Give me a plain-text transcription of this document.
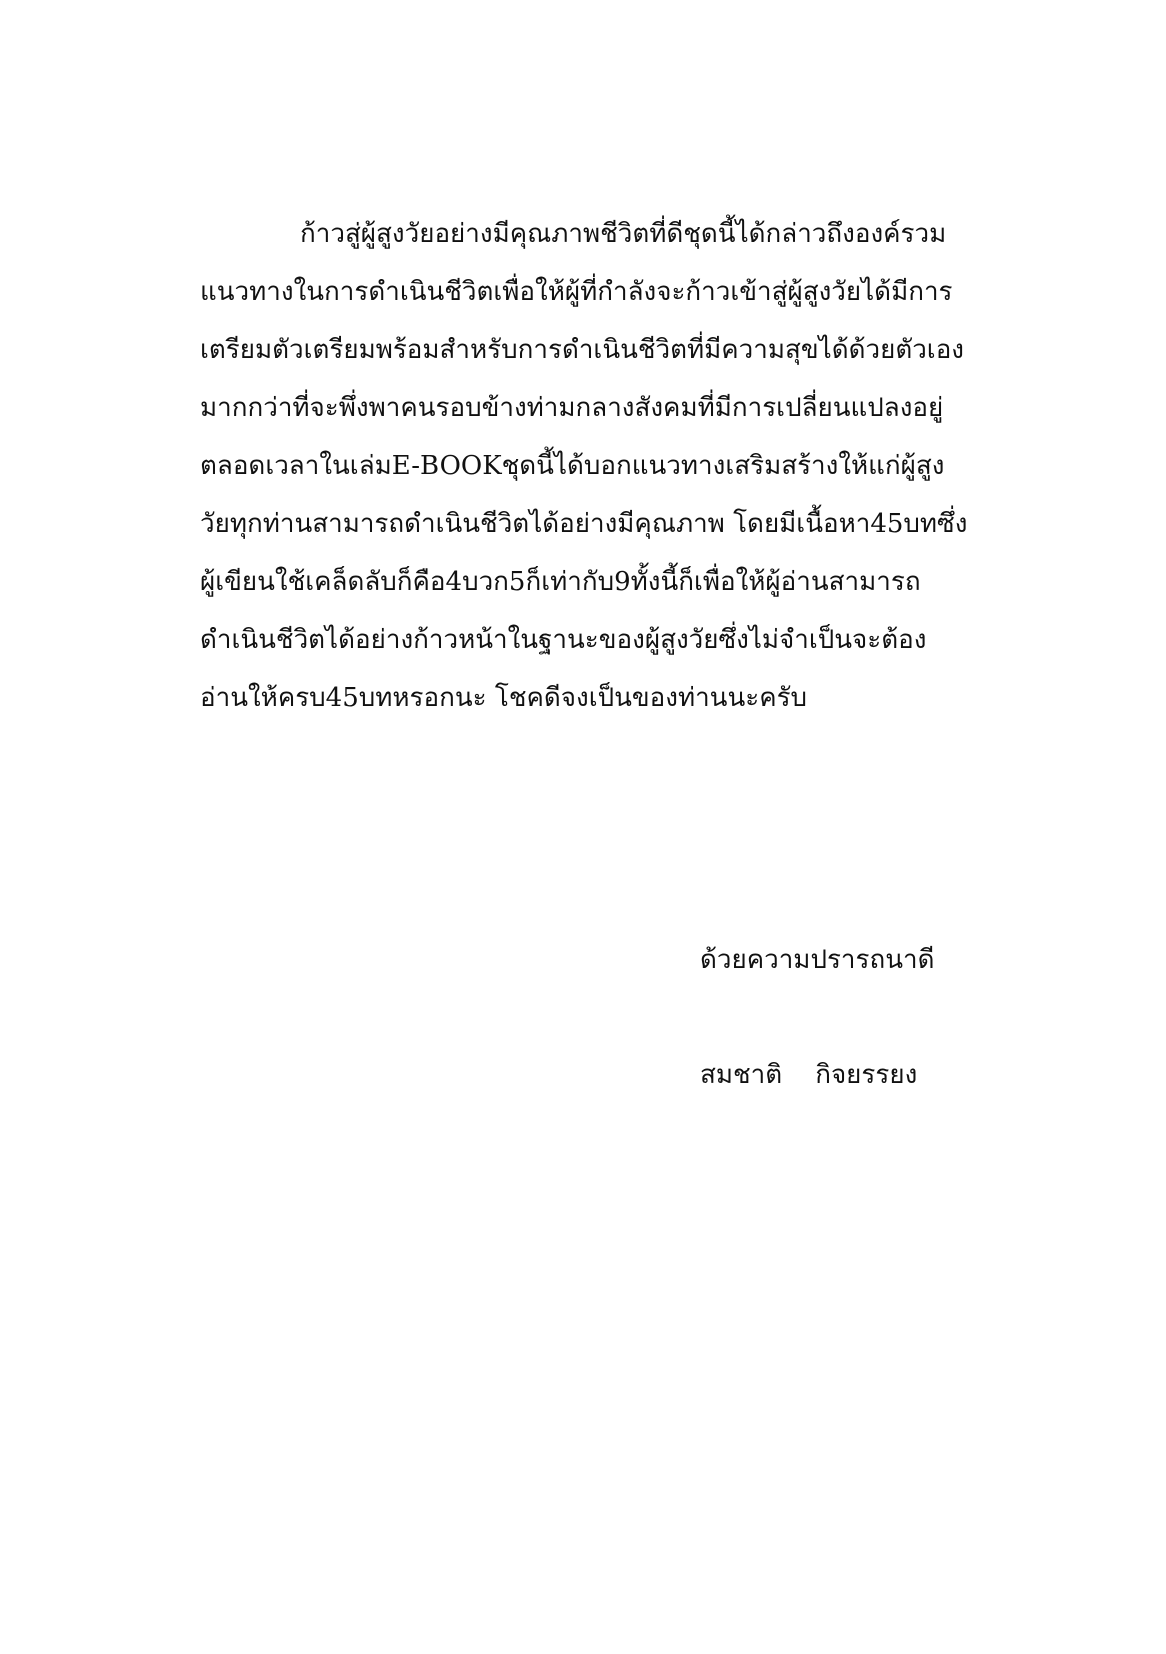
ก้าวสู่ผู้สูงวัยอย่างมีคุณภาพชีวิตที่ดีชุดนี้ได้กล่าวถึงองค์รวม
แนวทางในการดำเนินชีวิตเพื่อให้ผู้ที่กำลังจะก้าวเข้าสู่ผู้สูงวัยได้มีการ
เตรียมตัวเตรียมพร้อมสำหรับการดำเนินชีวิตที่มีความสุขได้ด้วยตัวเอง
มากกว่าที่จะพึ่งพาคนรอบข้างท่ามกลางสังคมที่มีการเปลี่ยนแปลงอยู่
ตลอดเวลาในเล่มE-BOOKชุดนี้ได้บอกแนวทางเสริมสร้างให้แก่ผู้สูง
วัยทุกท่านสามารถดำเนินชีวิตได้อย่างมีคุณภาพ โดยมีเนื้อหา45บทซึ่ง
ผู้เขียนใช้เคล็ดลับก็คือ4บวก5ก็เท่ากับ9ทั้งนี้ก็เพื่อให้ผู้อ่านสามารถ
ดำเนินชีวิตได้อย่างก้าวหน้าในฐานะของผู้สูงวัยซึ่งไม่จำเป็นจะต้อง
อ่านให้ครบ45บทหรอกนะ โชคดีจงเป็นของท่านนะครับ
ด้วยความปรารถนาดี
สมชาติ    กิจยรรยง
